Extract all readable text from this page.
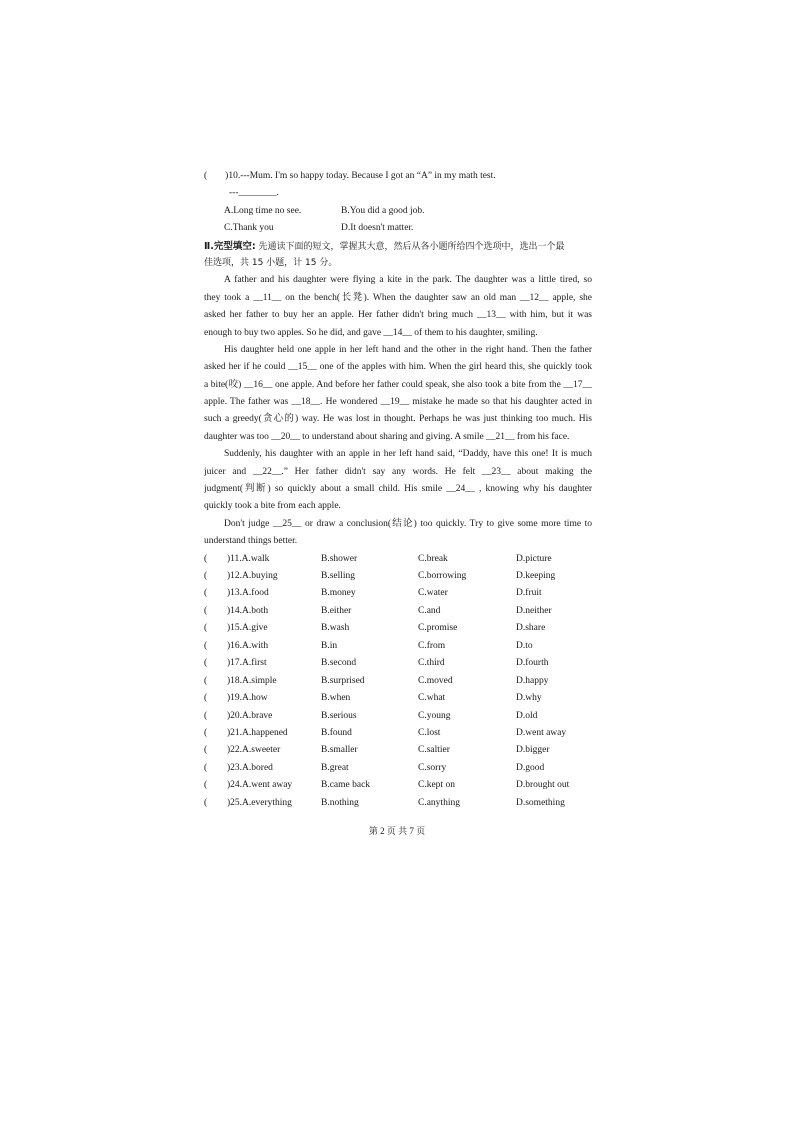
( )10.---Mum. I'm so happy today. Because I got an “A” in my math test.
---________.
A.Long time no see.	B.You did a good job.
C.Thank you	D.It doesn't matter.
Ⅱ.完型填空: 先通读下面的短文，掌握其大意，然后从各小题所给四个选项中，选出一个最
佳选项，共 15 小题，计 15 分。
A father and his daughter were flying a kite in the park. The daughter was a little tired, so
they took a __11__ on the bench(长凳). When the daughter saw an old man __12__ apple, she
asked her father to buy her an apple. Her father didn't bring much __13__ with him, but it was
enough to buy two apples. So he did, and gave __14__ of them to his daughter, smiling.
His daughter held one apple in her left hand and the other in the right hand. Then the father
asked her if he could __15__ one of the apples with him. When the girl heard this, she quickly took
a bite(咬) __16__ one apple. And before her father could speak, she also took a bite from the __17__
apple. The father was __18__. He wondered __19__ mistake he made so that his daughter acted in
such a greedy(贪心的) way. He was lost in thought. Perhaps he was just thinking too much. His
daughter was too __20__ to understand about sharing and giving. A smile __21__ from his face.
Suddenly, his daughter with an apple in her left hand said, “Daddy, have this one! It is much
juicer and __22__.” Her father didn't say any words. He felt __23__ about making the
judgment(判断) so quickly about a small child. His smile __24__ , knowing why his daughter
quickly took a bite from each apple.
Don't judge __25__ or draw a conclusion(结论) too quickly. Try to give some more time to
understand things better.
( )11.A.walk	B.shower	C.break	D.picture
( )12.A.buying	B.selling	C.borrowing	D.keeping
( )13.A.food	B.money	C.water	D.fruit
( )14.A.both	B.either	C.and	D.neither
( )15.A.give	B.wash	C.promise	D.share
( )16.A.with	B.in	C.from	D.to
( )17.A.first	B.second	C.third	D.fourth
( )18.A.simple	B.surprised	C.moved	D.happy
( )19.A.how	B.when	C.what	D.why
( )20.A.brave	B.serious	C.young	D.old
( )21.A.happened	B.found	C.lost	D.went away
( )22.A.sweeter	B.smaller	C.saltier	D.bigger
( )23.A.bored	B.great	C.sorry	D.good
( )24.A.went away	B.came back	C.kept on	D.brought out
( )25.A.everything	B.nothing	C.anything	D.something
第 2 页 共 7 页
